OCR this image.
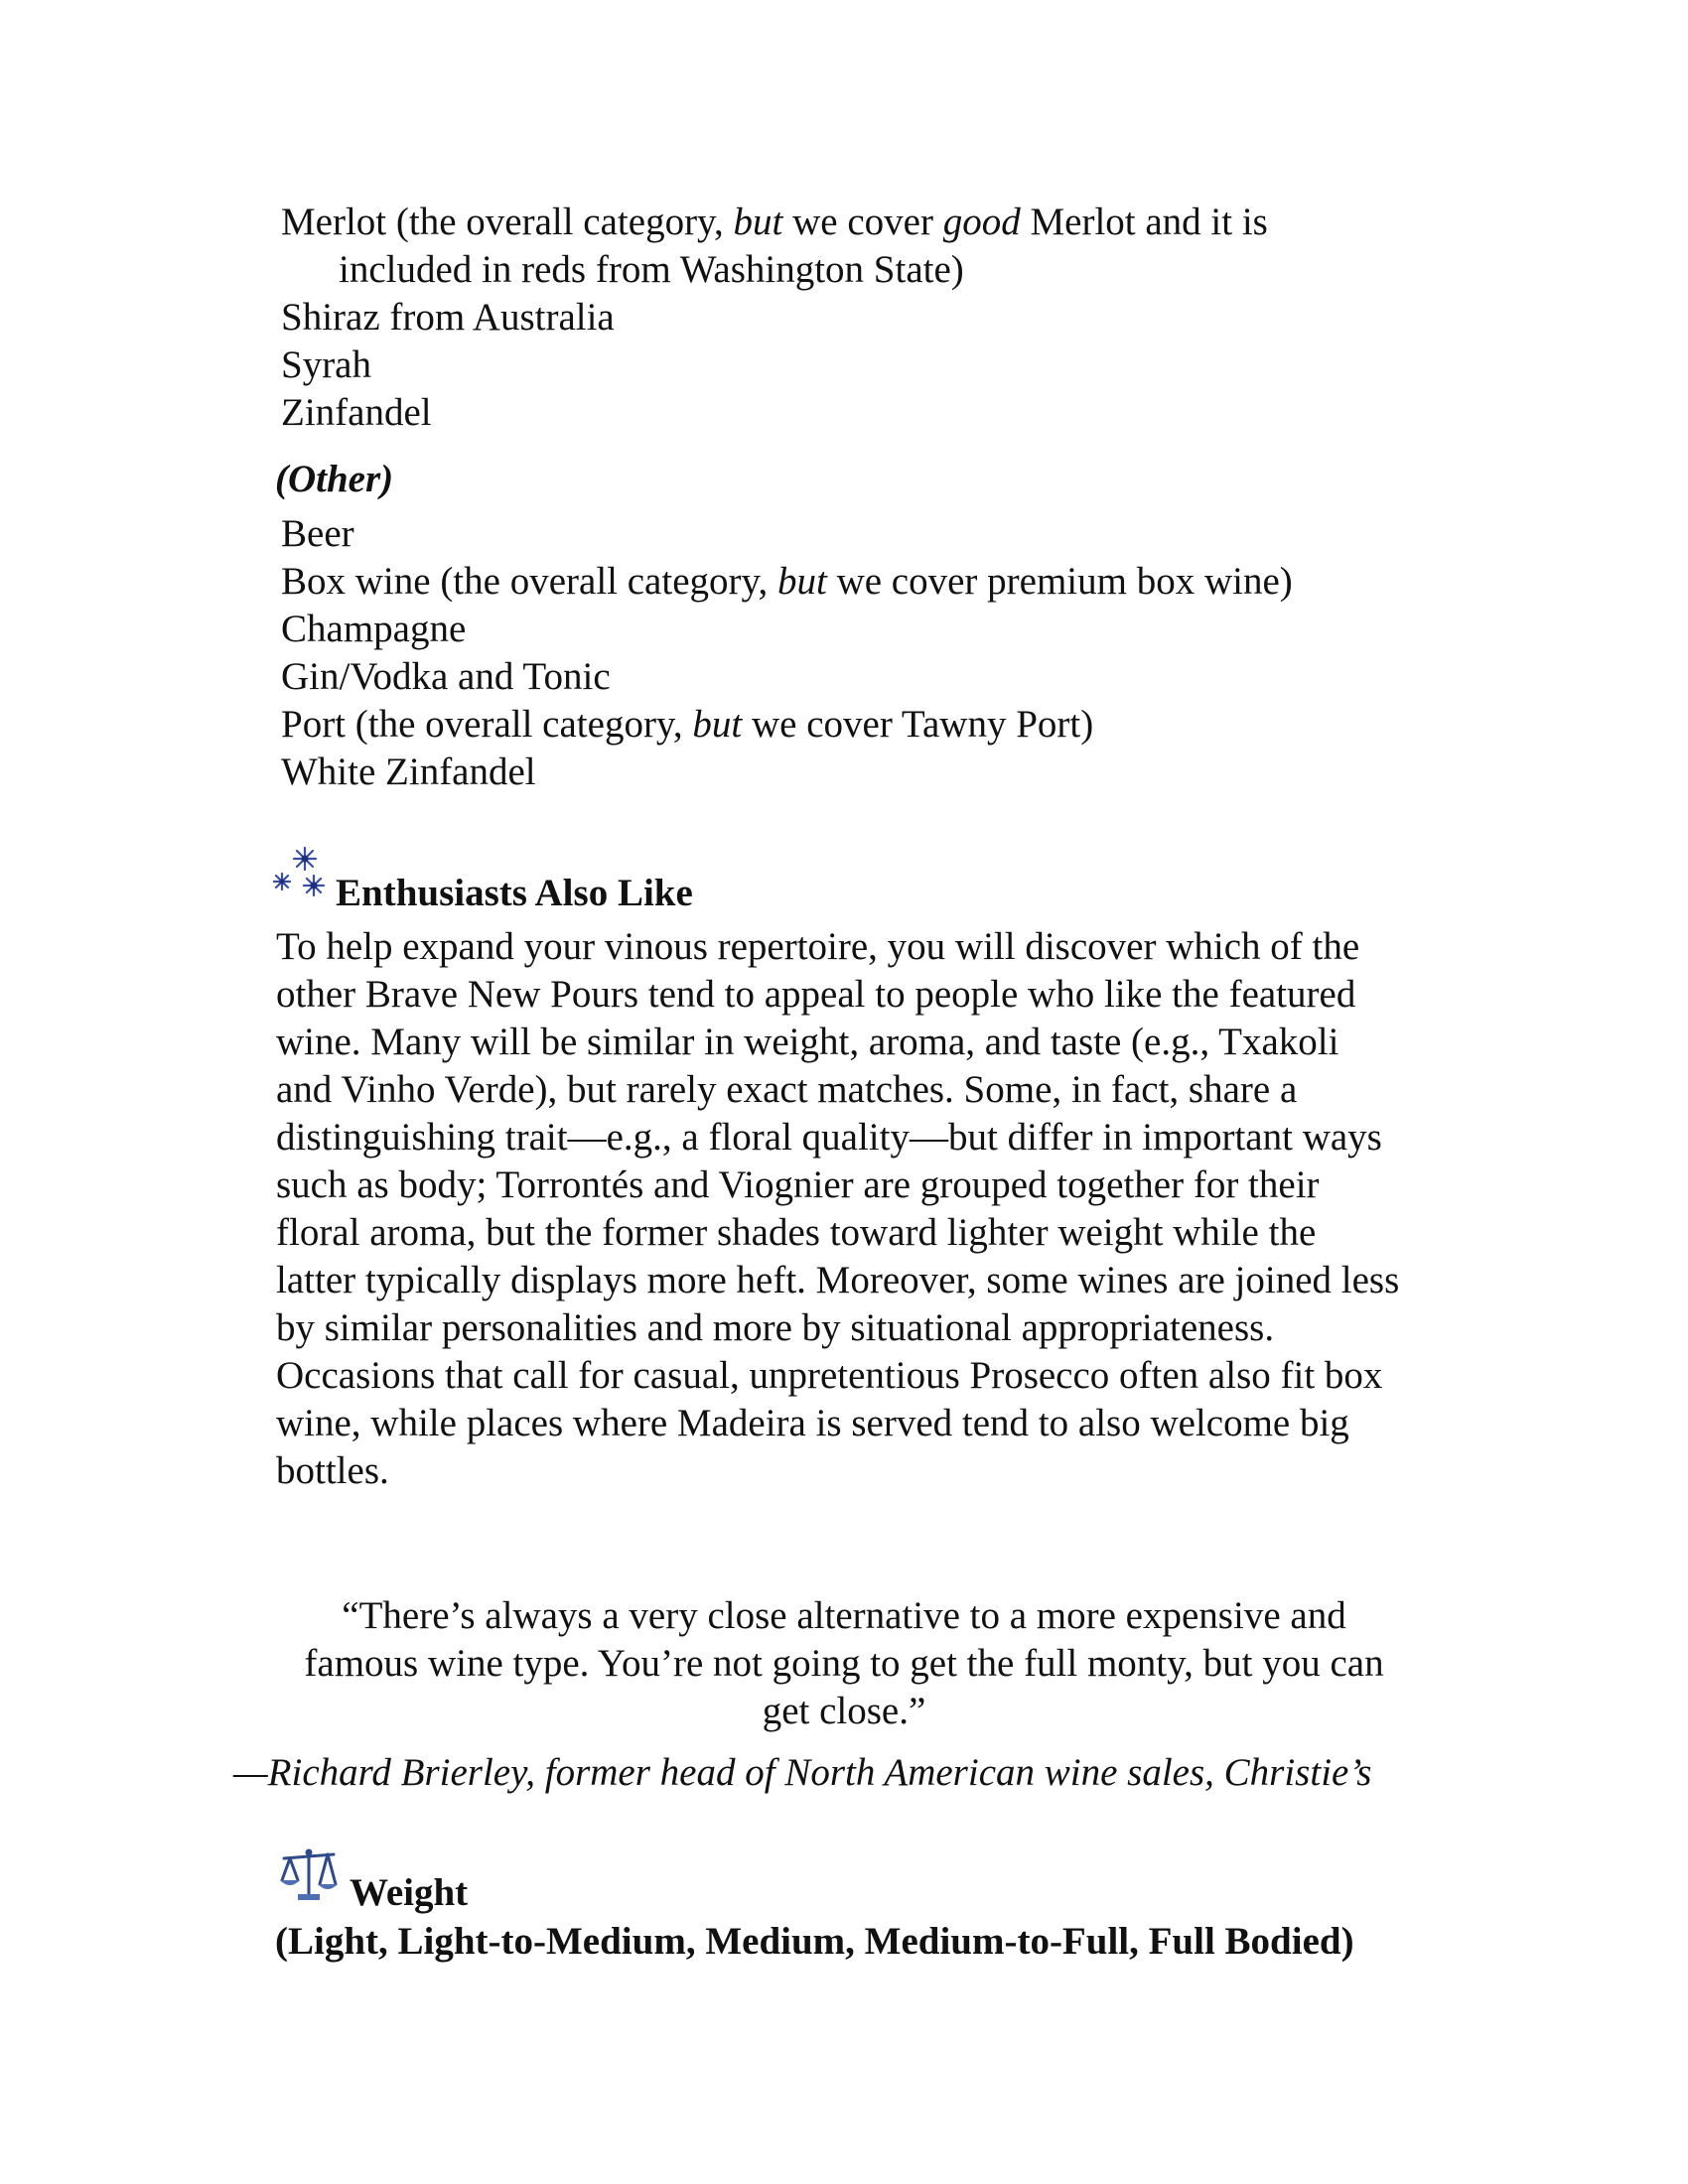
Merlot (the overall category, but we cover good Merlot and it is
included in reds from Washington State)
Shiraz from Australia
Syrah
Zinfandel
(Other)
Beer
Box wine (the overall category, but we cover premium box wine)
Champagne
Gin/Vodka and Tonic
Port (the overall category, but we cover Tawny Port)
White Zinfandel
Enthusiasts Also Like
To help expand your vinous repertoire, you will discover which of the
other Brave New Pours tend to appeal to people who like the featured
wine. Many will be similar in weight, aroma, and taste (e.g., Txakoli
and Vinho Verde), but rarely exact matches. Some, in fact, share a
distinguishing trait—e.g., a floral quality—but differ in important ways
such as body; Torrontés and Viognier are grouped together for their
floral aroma, but the former shades toward lighter weight while the
latter typically displays more heft. Moreover, some wines are joined less
by similar personalities and more by situational appropriateness.
Occasions that call for casual, unpretentious Prosecco often also fit box
wine, while places where Madeira is served tend to also welcome big
bottles.
“There’s always a very close alternative to a more expensive and
famous wine type. You’re not going to get the full monty, but you can
get close.”
—Richard Brierley, former head of North American wine sales, Christie’s
Weight
(Light, Light-to-Medium, Medium, Medium-to-Full, Full Bodied)
